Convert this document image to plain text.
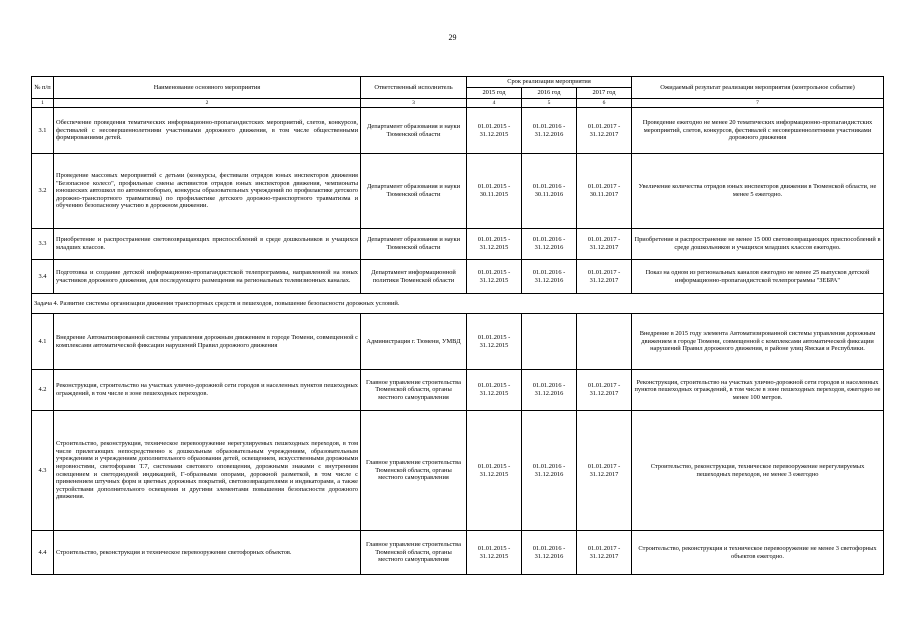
29
№ п/п	Наименование основного мероприятия	Ответственный исполнитель	Срок реализации мероприятия			Ожидаемый результат реализации мероприятия (контрольное событие)
			2015 год	2016 год	2017 год	
1	2	3	4	5	6	7
3.1	Обеспечение проведения тематических информационно-пропагандистских мероприятий, слетов, конкурсов, фестивалей с несовершеннолетними участниками дорожного движения, в том числе общественными формированиями детей.	Департамент образования и науки Тюменской области	01.01.2015 - 31.12.2015	01.01.2016 - 31.12.2016	01.01.2017 - 31.12.2017	Проведение ежегодно не менее 20 тематических информационно-пропагандистских мероприятий, слетов, конкурсов, фестивалей с несовершеннолетними участниками дорожного движения
3.2	Проведение массовых мероприятий с детьми (конкурсы, фестивали отрядов юных инспекторов движения "Безопасное колесо", профильные смены активистов отрядов юных инспекторов движения, чемпионаты юношеских автошкол по автомногоборью, конкурсы образовательных учреждений по профилактике детского дорожно-транспортного травматизма) по профилактике детского дорожно-транспортного травматизма и обучению безопасному участию в дорожном движении.	Департамент образования и науки Тюменской области	01.01.2015 - 30.11.2015	01.01.2016 - 30.11.2016	01.01.2017 - 30.11.2017	Увеличение количества отрядов юных инспекторов движения в Тюменской области, не менее 5 ежегодно.
3.3	Приобретение и распространение световозвращающих приспособлений в среде дошкольников и учащихся младших классов.	Департамент образования и науки Тюменской области	01.01.2015 - 31.12.2015	01.01.2016 - 31.12.2016	01.01.2017 - 31.12.2017	Приобретение и распространение не менее 15 000 световозвращающих приспособлений в среде дошкольников и учащихся младших классов ежегодно.
3.4	Подготовка и создание детской информационно-пропагандистской телепрограммы, направленной на юных участников дорожного движения, для последующего размещения на региональных телевизионных каналах.	Департамент информационной политики Тюменской области	01.01.2015 - 31.12.2015	01.01.2016 - 31.12.2016	01.01.2017 - 31.12.2017	Показ на одном из региональных каналов ежегодно не менее 25 выпусков детской информационно-пропагандистской телепрограммы "ЗЕБРА"
Задача 4. Развитие системы организации движения транспортных средств и пешеходов, повышение безопасности дорожных условий.						
4.1	Внедрение Автоматизированной системы управления дорожным движением в городе Тюмени, совмещенной с комплексами автоматической фиксации нарушений Правил дорожного движения	Администрация г. Тюмени, УМВД	01.01.2015 - 31.12.2015			Внедрение в 2015 году элемента Автоматизированной системы управления дорожным движением в городе Тюмени, совмещенной с комплексами автоматической фиксации нарушений Правил дорожного движения, в районе улиц Ямская и Республики.
4.2	Реконструкция, строительство на участках улично-дорожной сети городов и населенных пунктов пешеходных ограждений, в том числе в зоне пешеходных переходов.	Главное управление строительства Тюменской области, органы местного самоуправления	01.01.2015 - 31.12.2015	01.01.2016 - 31.12.2016	01.01.2017 - 31.12.2017	Реконструкция, строительство на участках улично-дорожной сети городов и населенных пунктов пешеходных ограждений, в том числе в зоне пешеходных переходов, ежегодно не менее 100 метров.
4.3	Строительство, реконструкция, техническое перевооружение нерегулируемых пешеходных переходов, в том числе прилегающих непосредственно к дошкольным образовательным учреждениям, образовательным учреждениям и учреждениям дополнительного образования детей, освещением, искусственными дорожными неровностями, светофорами Т.7, системами светового оповещения, дорожными знаками с внутренним освещением и светодиодной индикацией, Г-образными опорами, дорожной разметкой, в том числе с применением штучных форм и цветных дорожных покрытий, световозвращателями и индикаторами, а также устройствами дополнительного освещения и другими элементами повышения безопасности дорожного движения.	Главное управление строительства Тюменской области, органы местного самоуправления	01.01.2015 - 31.12.2015	01.01.2016 - 31.12.2016	01.01.2017 - 31.12.2017	Строительство, реконструкция, техническое перевооружение нерегулируемых пешеходных переходов, не менее 3 ежегодно
4.4	Строительство, реконструкция и техническое перевооружение светофорных объектов.	Главное управление строительства Тюменской области, органы местного самоуправления	01.01.2015 - 31.12.2015	01.01.2016 - 31.12.2016	01.01.2017 - 31.12.2017	Строительство, реконструкция и техническое перевооружение не менее 3 светофорных объектов ежегодно.
